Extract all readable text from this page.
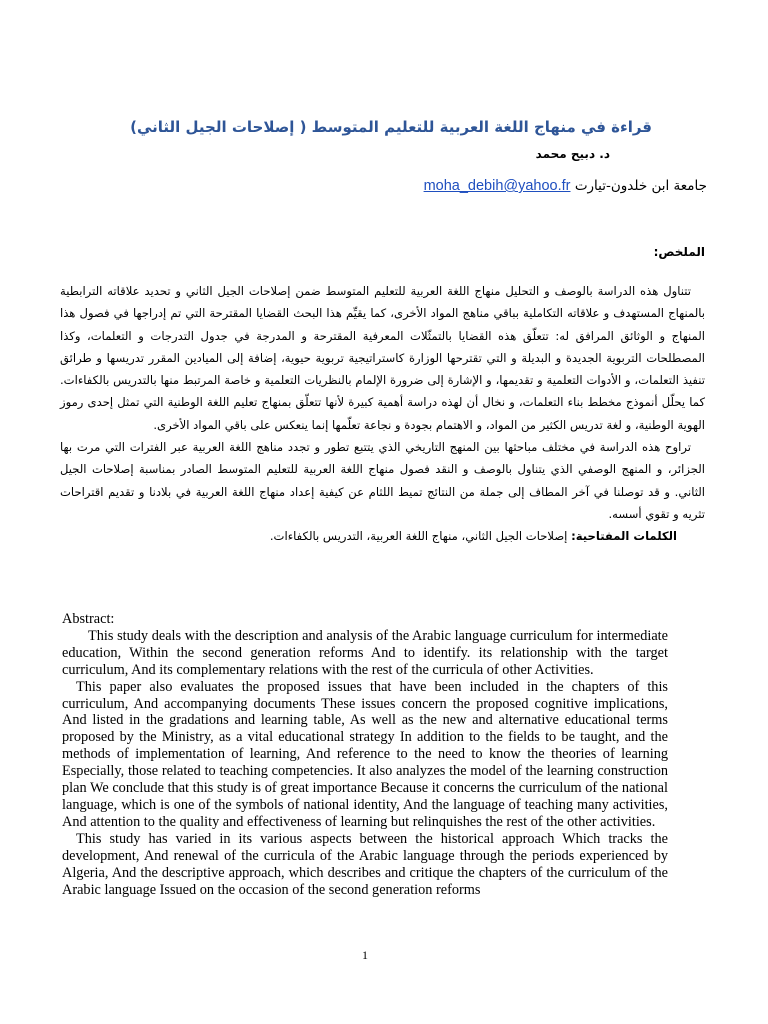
قراءة في منهاج اللغة العربية للتعليم المتوسط ( إصلاحات الجيل الثاني)
د. دبيح محمد
جامعة ابن خلدون-تيارت moha_debih@yahoo.fr
الملخص:

تتناول هذه الدراسة بالوصف و التحليل منهاج اللغة العربية للتعليم المتوسط ضمن إصلاحات الجيل الثاني و تحديد علاقاته الترابطية بالمنهاج المستهدف و علاقاته التكاملية بباقي مناهج المواد الأخرى، كما يقيِّم هذا البحث القضايا المقترحة التي تم إدراجها في فصول هذا المنهاج و الوثائق المرافق له: تتعلّق هذه القضايا بالتمثّلات المعرفية المقترحة و المدرجة في جدول التدرجات و التعلمات، وكذا المصطلحات التربوية الجديدة و البديلة و التي تقترحها الوزارة كاستراتيجية تربوية حيوية، إضافة إلى الميادين المقرر تدريسها و طرائق تنفيذ التعلمات، و الأدوات التعلمية و تقديمها، و الإشارة إلى ضرورة الإلمام بالنظريات التعلمية و خاصة المرتبط منها بالتدريس بالكفاءات. كما يحلّل أنموذج مخطط بناء التعلمات، و نخال أن لهذه دراسة أهمية كبيرة لأنها تتعلّق بمنهاج تعليم اللغة الوطنية التي تمثل إحدى رموز الهوية الوطنية، و لغة تدريس الكثير من المواد، و الاهتمام بجودة و نجاعة تعلّمها إنما ينعكس على باقي المواد الأخرى.

تراوح هذه الدراسة في مختلف مباحثها بين المنهج التاريخي الذي يتتبع تطور و تجدد مناهج اللغة العربية عبر الفترات التي مرت بها الجزائر، و المنهج الوصفي الذي يتناول بالوصف و النقد فصول منهاج اللغة العربية للتعليم المتوسط الصادر بمناسبة إصلاحات الجيل الثاني. و قد توصلنا في آخر المطاف إلى جملة من النتائج تميط اللثام عن كيفية إعداد منهاج اللغة العربية في بلادنا و تقديم اقتراحات تثريه و تقوي أسسه.

الكلمات المفتاحية: إصلاحات الجيل الثاني، منهاج اللغة العربية، التدريس بالكفاءات.

Abstract:

This study deals with the description and analysis of the Arabic language curriculum for intermediate education, Within the second generation reforms And to identify. its relationship with the target curriculum, And its complementary relations with the rest of the curricula of other Activities.

This paper also evaluates the proposed issues that have been included in the chapters of this curriculum, And accompanying documents These issues concern the proposed cognitive implications, And listed in the gradations and learning table, As well as the new and alternative educational terms proposed by the Ministry, as a vital educational strategy In addition to the fields to be taught, and the methods of implementation of learning, And reference to the need to know the theories of learning Especially, those related to teaching competencies. It also analyzes the model of the learning construction plan We conclude that this study is of great importance Because it concerns the curriculum of the national language, which is one of the symbols of national identity, And the language of teaching many activities, And attention to the quality and effectiveness of learning but relinquishes the rest of the other activities.

This study has varied in its various aspects between the historical approach Which tracks the development, And renewal of the curricula of the Arabic language through the periods experienced by Algeria, And the descriptive approach, which describes and critique the chapters of the curriculum of the Arabic language Issued on the occasion of the second generation reforms

1
